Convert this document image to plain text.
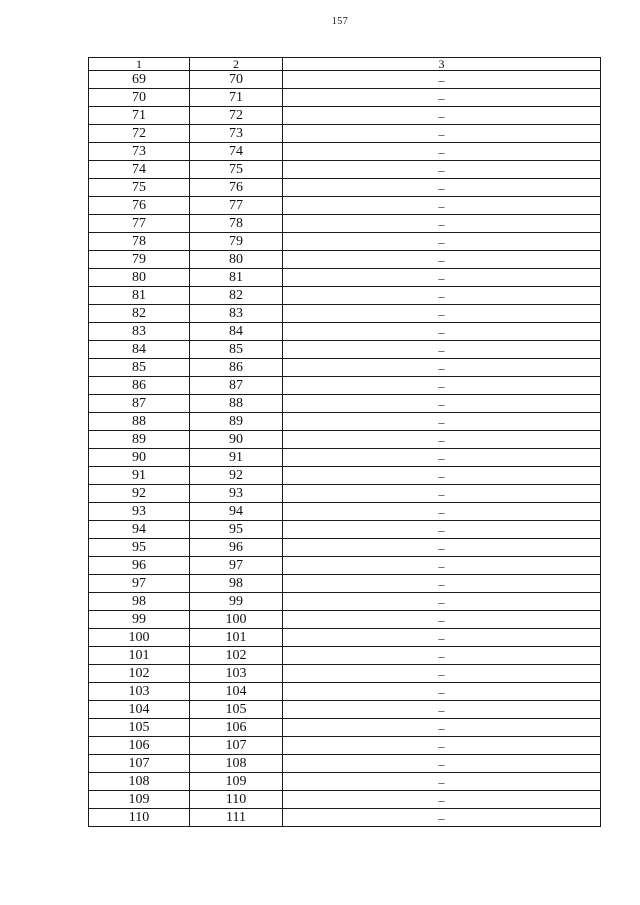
157
1	2	3
69	70	–
70	71	–
71	72	–
72	73	–
73	74	–
74	75	–
75	76	–
76	77	–
77	78	–
78	79	–
79	80	–
80	81	–
81	82	–
82	83	–
83	84	–
84	85	–
85	86	–
86	87	–
87	88	–
88	89	–
89	90	–
90	91	–
91	92	–
92	93	–
93	94	–
94	95	–
95	96	–
96	97	–
97	98	–
98	99	–
99	100	–
100	101	–
101	102	–
102	103	–
103	104	–
104	105	–
105	106	–
106	107	–
107	108	–
108	109	–
109	110	–
110	111	–
